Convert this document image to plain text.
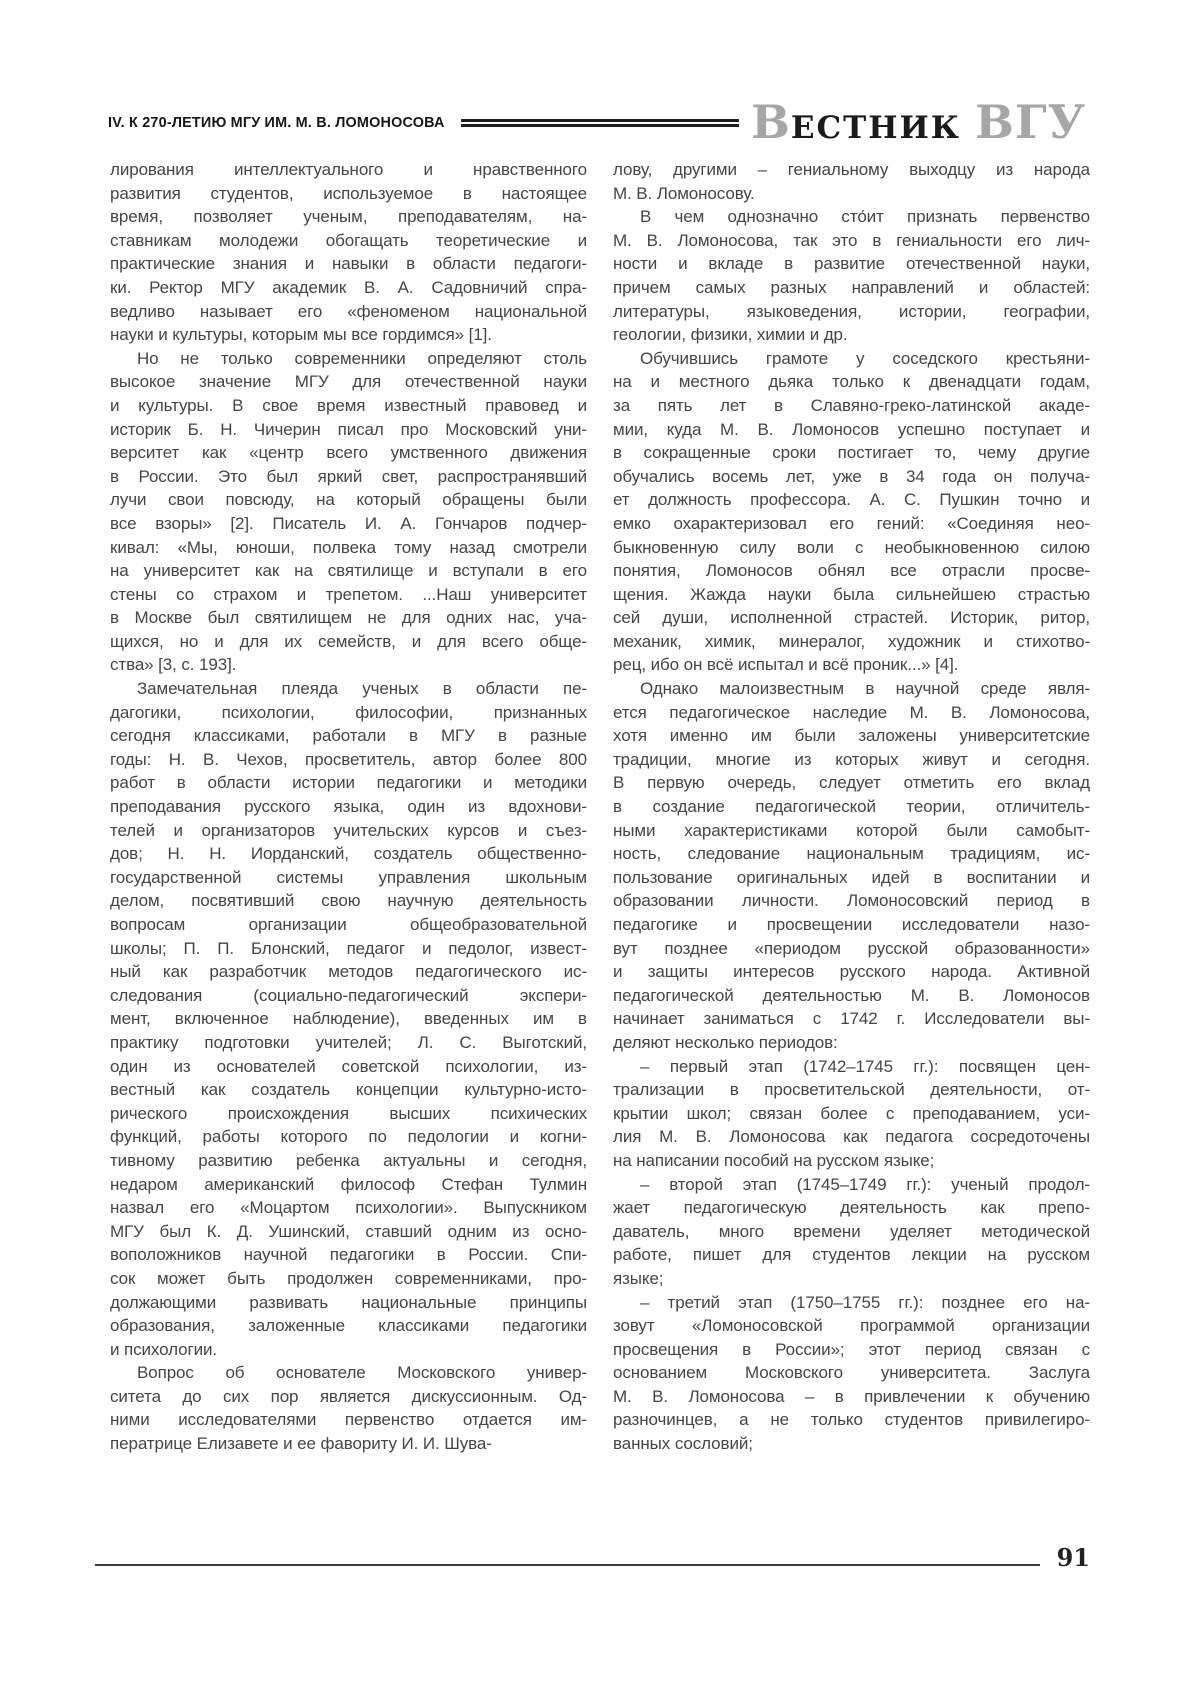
IV. К 270-ЛЕТИЮ МГУ ИМ. М. В. ЛОМОНОСОВА	В ЕСТНИК ВГУ
лирования интеллектуального и нравственного
развития студентов, используемое в настоящее
время, позволяет ученым, преподавателям, на-
ставникам молодежи обогащать теоретические и
практические знания и навыки в области педагоги-
ки. Ректор МГУ академик В. А. Садовничий спра-
ведливо называет его «феноменом национальной
науки и культуры, которым мы все гордимся» [1].
Но не только современники определяют столь
высокое значение МГУ для отечественной науки
и культуры. В свое время известный правовед и
историк Б. Н. Чичерин писал про Московский уни-
верситет как «центр всего умственного движения
в России. Это был яркий свет, распространявший
лучи свои повсюду, на который обращены были
все взоры» [2]. Писатель И. А. Гончаров подчер-
кивал: «Мы, юноши, полвека тому назад смотрели
на университет как на святилище и вступали в его
стены со страхом и трепетом. ...Наш университет
в Москве был святилищем не для одних нас, уча-
щихся, но и для их семейств, и для всего обще-
ства» [3, с. 193].
Замечательная плеяда ученых в области пе-
дагогики, психологии, философии, признанных
сегодня классиками, работали в МГУ в разные
годы: Н. В. Чехов, просветитель, автор более 800
работ в области истории педагогики и методики
преподавания русского языка, один из вдохнови-
телей и организаторов учительских курсов и съез-
дов; Н. Н. Иорданский, создатель общественно-
государственной системы управления школьным
делом, посвятивший свою научную деятельность
вопросам организации общеобразовательной
школы; П. П. Блонский, педагог и педолог, извест-
ный как разработчик методов педагогического ис-
следования (социально-педагогический экспери-
мент, включенное наблюдение), введенных им в
практику подготовки учителей; Л. С. Выготский,
один из основателей советской психологии, из-
вестный как создатель концепции культурно-исто-
рического происхождения высших психических
функций, работы которого по педологии и когни-
тивному развитию ребенка актуальны и сегодня,
недаром американский философ Стефан Тулмин
назвал его «Моцартом психологии». Выпускником
МГУ был К. Д. Ушинский, ставший одним из осно-
воположников научной педагогики в России. Спи-
сок может быть продолжен современниками, про-
должающими развивать национальные принципы
образования, заложенные классиками педагогики
и психологии.
Вопрос об основателе Московского универ-
ситета до сих пор является дискуссионным. Од-
ними исследователями первенство отдается им-
ператрице Елизавете и ее фавориту И. И. Шува-
лову, другими – гениальному выходцу из народа
М. В. Ломоносову.
В чем однозначно сто́ит признать первенство
М. В. Ломоносова, так это в гениальности его лич-
ности и вкладе в развитие отечественной науки,
причем самых разных направлений и областей:
литературы, языковедения, истории, географии,
геологии, физики, химии и др.
Обучившись грамоте у соседского крестьяни-
на и местного дьяка только к двенадцати годам,
за пять лет в Славяно-греко-латинской акаде-
мии, куда М. В. Ломоносов успешно поступает и
в сокращенные сроки постигает то, чему другие
обучались восемь лет, уже в 34 года он получа-
ет должность профессора. А. С. Пушкин точно и
емко охарактеризовал его гений: «Соединяя нео-
быкновенную силу воли с необыкновенною силою
понятия, Ломоносов обнял все отрасли просве-
щения. Жажда науки была сильнейшею страстью
сей души, исполненной страстей. Историк, ритор,
механик, химик, минералог, художник и стихотво-
рец, ибо он всё испытал и всё проник...» [4].
Однако малоизвестным в научной среде явля-
ется педагогическое наследие М. В. Ломоносова,
хотя именно им были заложены университетские
традиции, многие из которых живут и сегодня.
В первую очередь, следует отметить его вклад
в создание педагогической теории, отличитель-
ными характеристиками которой были самобыт-
ность, следование национальным традициям, ис-
пользование оригинальных идей в воспитании и
образовании личности. Ломоносовский период в
педагогике и просвещении исследователи назо-
вут позднее «периодом русской образованности»
и защиты интересов русского народа. Активной
педагогической деятельностью М. В. Ломоносов
начинает заниматься с 1742 г. Исследователи вы-
деляют несколько периодов:
– первый этап (1742–1745 гг.): посвящен цен-
трализации в просветительской деятельности, от-
крытии школ; связан более с преподаванием, уси-
лия М. В. Ломоносова как педагога сосредоточены
на написании пособий на русском языке;
– второй этап (1745–1749 гг.): ученый продол-
жает педагогическую деятельность как препо-
даватель, много времени уделяет методической
работе, пишет для студентов лекции на русском
языке;
– третий этап (1750–1755 гг.): позднее его на-
зовут «Ломоносовской программой организации
просвещения в России»; этот период связан с
основанием Московского университета. Заслуга
М. В. Ломоносова – в привлечении к обучению
разночинцев, а не только студентов привилегиро-
ванных сословий;
91
